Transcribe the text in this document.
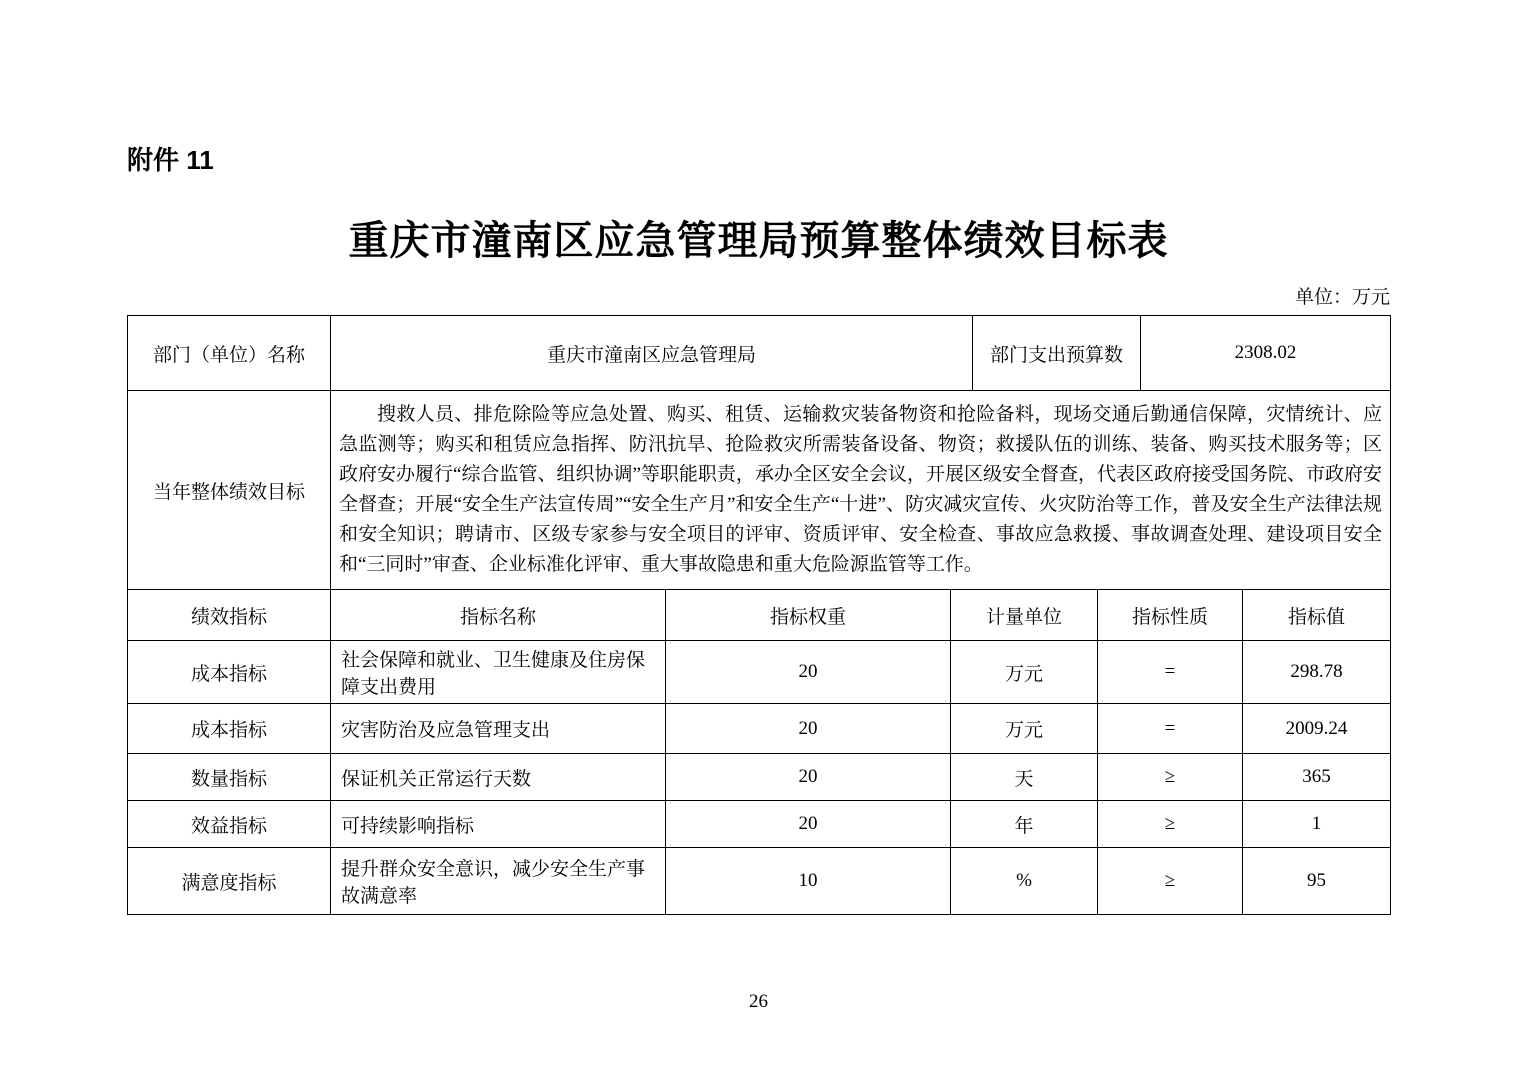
附件 11
重庆市潼南区应急管理局预算整体绩效目标表
单位：万元
部门（单位）名称	重庆市潼南区应急管理局	部门支出预算数	2308.02
当年整体绩效目标	
搜救人员、排危除险等应急处置、购买、租赁、运输救灾装备物资和抢险备料，现场交通后勤通信保障，灾情统计、应急监测等；购买和租赁应急指挥、防汛抗旱、抢险救灾所需装备设备、物资；救援队伍的训练、装备、购买技术服务等；区政府安办履行“综合监管、组织协调”等职能职责，承办全区安全会议，开展区级安全督查，代表区政府接受国务院、市政府安全督查；开展“安全生产法宣传周”“安全生产月”和安全生产“十进”、防灾减灾宣传、火灾防治等工作，普及安全生产法律法规和安全知识；聘请市、区级专家参与安全项目的评审、资质评审、安全检查、事故应急救援、事故调查处理、建设项目安全和“三同时”审查、企业标准化评审、重大事故隐患和重大危险源监管等工作。
绩效指标	指标名称	指标权重	计量单位	指标性质	指标值
成本指标	社会保障和就业、卫生健康及住房保障支出费用	20	万元	=	298.78
成本指标	灾害防治及应急管理支出	20	万元	=	2009.24
数量指标	保证机关正常运行天数	20	天	≥	365
效益指标	可持续影响指标	20	年	≥	1
满意度指标	提升群众安全意识，减少安全生产事故满意率	10	%	≥	95
26
